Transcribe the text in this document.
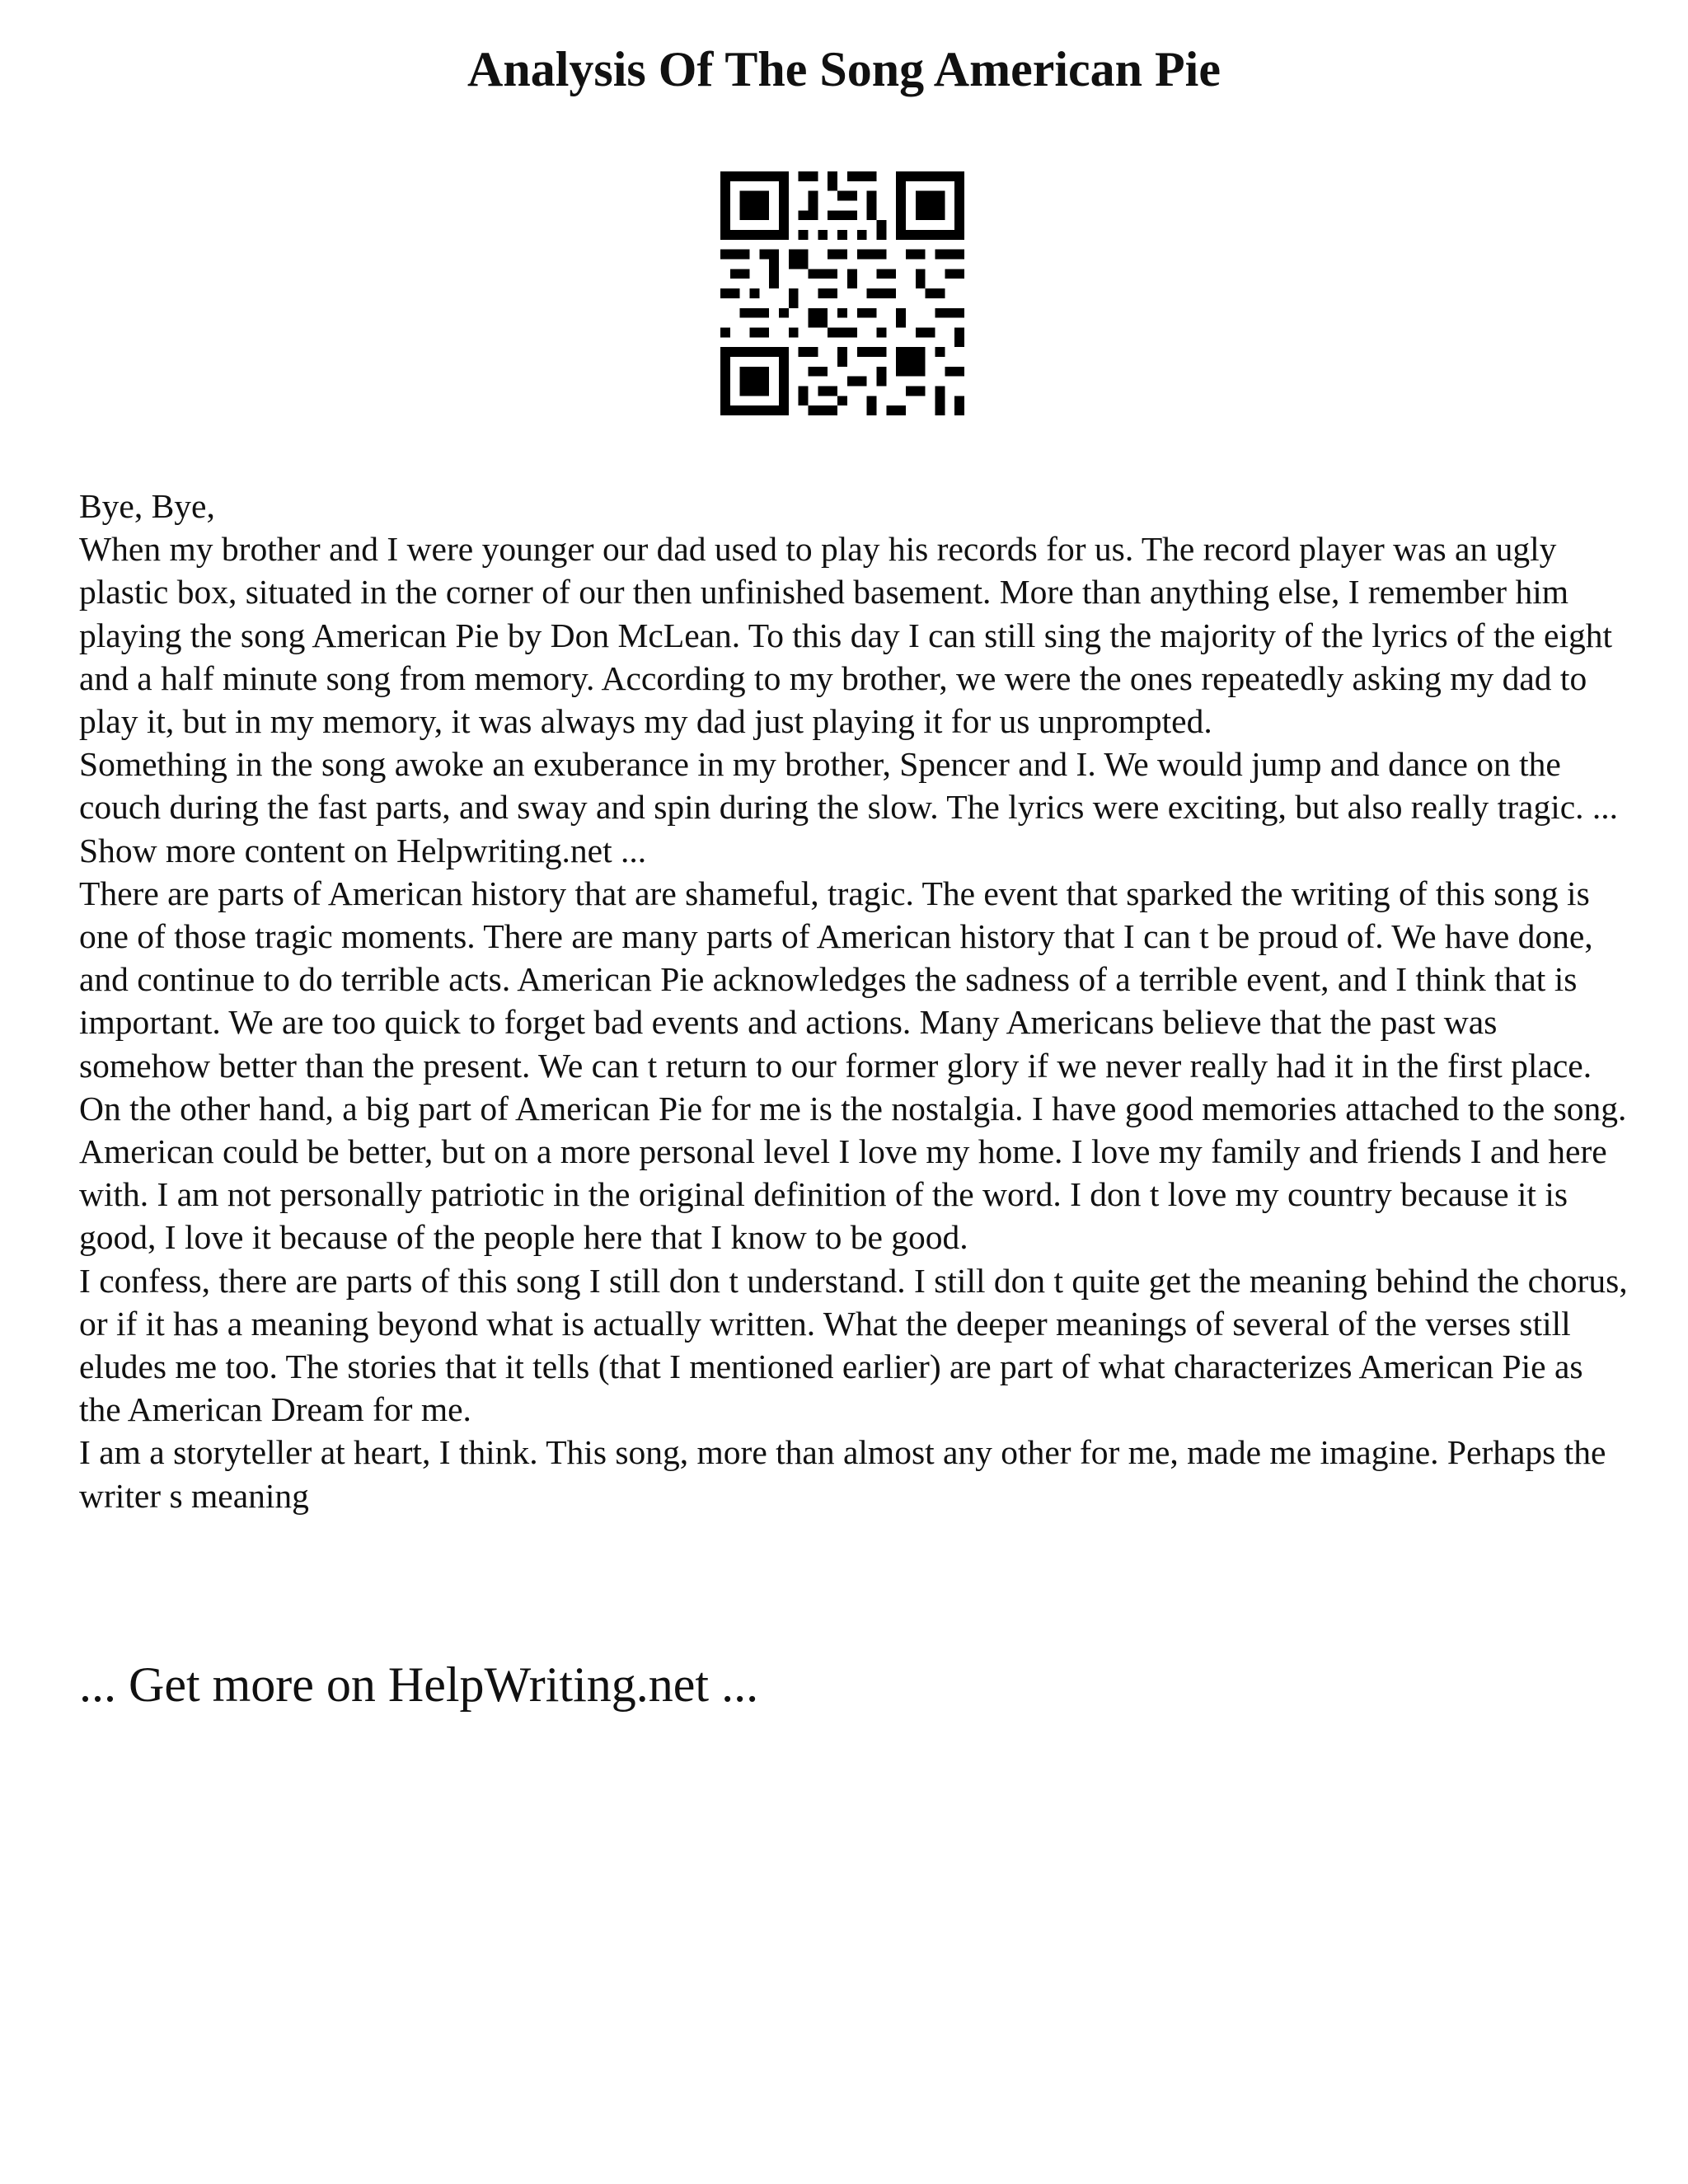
Analysis Of The Song American Pie

Bye, Bye,

When my brother and I were younger our dad used to play his records for us. The record player was an ugly plastic box, situated in the corner of our then unfinished basement. More than anything else, I remember him playing the song American Pie by Don McLean. To this day I can still sing the majority of the lyrics of the eight and a half minute song from memory. According to my brother, we were the ones repeatedly asking my dad to play it, but in my memory, it was always my dad just playing it for us unprompted.

Something in the song awoke an exuberance in my brother, Spencer and I. We would jump and dance on the couch during the fast parts, and sway and spin during the slow. The lyrics were exciting, but also really tragic. ... Show more content on Helpwriting.net ...

There are parts of American history that are shameful, tragic. The event that sparked the writing of this song is one of those tragic moments. There are many parts of American history that I can t be proud of. We have done, and continue to do terrible acts. American Pie acknowledges the sadness of a terrible event, and I think that is important. We are too quick to forget bad events and actions. Many Americans believe that the past was somehow better than the present. We can t return to our former glory if we never really had it in the first place.

On the other hand, a big part of American Pie for me is the nostalgia. I have good memories attached to the song. American could be better, but on a more personal level I love my home. I love my family and friends I and here with. I am not personally patriotic in the original definition of the word. I don t love my country because it is good, I love it because of the people here that I know to be good.

I confess, there are parts of this song I still don t understand. I still don t quite get the meaning behind the chorus, or if it has a meaning beyond what is actually written. What the deeper meanings of several of the verses still eludes me too. The stories that it tells (that I mentioned earlier) are part of what characterizes American Pie as the American Dream for me.

I am a storyteller at heart, I think. This song, more than almost any other for me, made me imagine. Perhaps the writer s meaning

... Get more on HelpWriting.net ...
